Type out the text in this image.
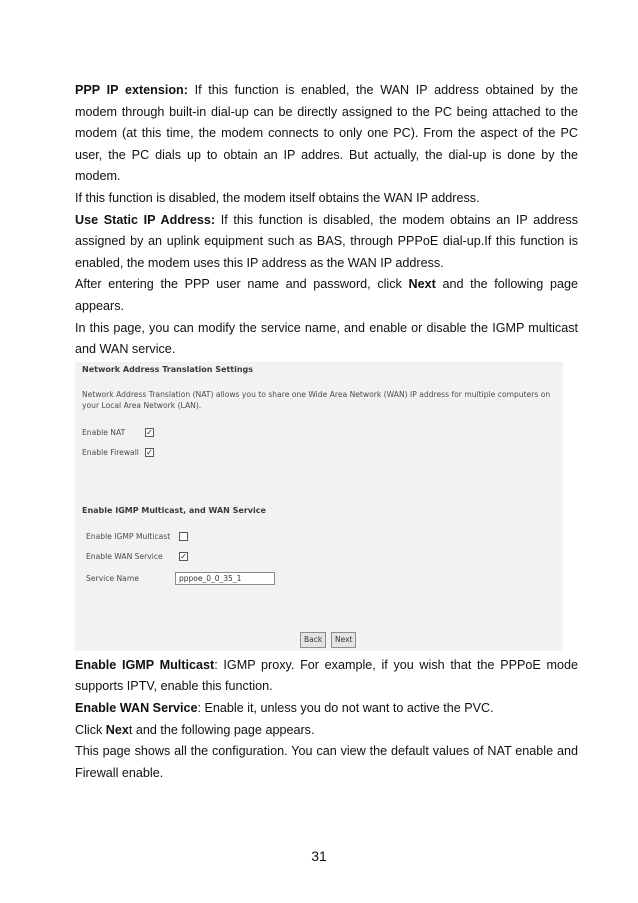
PPP IP extension: If this function is enabled, the WAN IP address obtained by the modem through built-in dial-up can be directly assigned to the PC being attached to the modem (at this time, the modem connects to only one PC). From the aspect of the PC user, the PC dials up to obtain an IP addres. But actually, the dial-up is done by the modem.

If this function is disabled, the modem itself obtains the WAN IP address.

Use Static IP Address: If this function is disabled, the modem obtains an IP address assigned by an uplink equipment such as BAS, through PPPoE dial-up.If this function is enabled, the modem uses this IP address as the WAN IP address.

After entering the PPP user name and password, click Next and the following page appears.

In this page, you can modify the service name, and enable or disable the IGMP multicast and WAN service.

Network Address Translation Settings
Network Address Translation (NAT) allows you to share one Wide Area Network (WAN) IP address for multiple computers on your Local Area Network (LAN).
Enable NAT	✓
Enable Firewall ✓
Enable IGMP Multicast, and WAN Service
Enable IGMP Multicast
Enable WAN Service ✓
Service Name
pppoe_0_0_35_1
Back	Next

Enable IGMP Multicast: IGMP proxy. For example, if you wish that the PPPoE mode supports IPTV, enable this function.

Enable WAN Service: Enable it, unless you do not want to active the PVC.

Click Next and the following page appears.

This page shows all the configuration. You can view the default values of NAT enable and Firewall enable.

31
